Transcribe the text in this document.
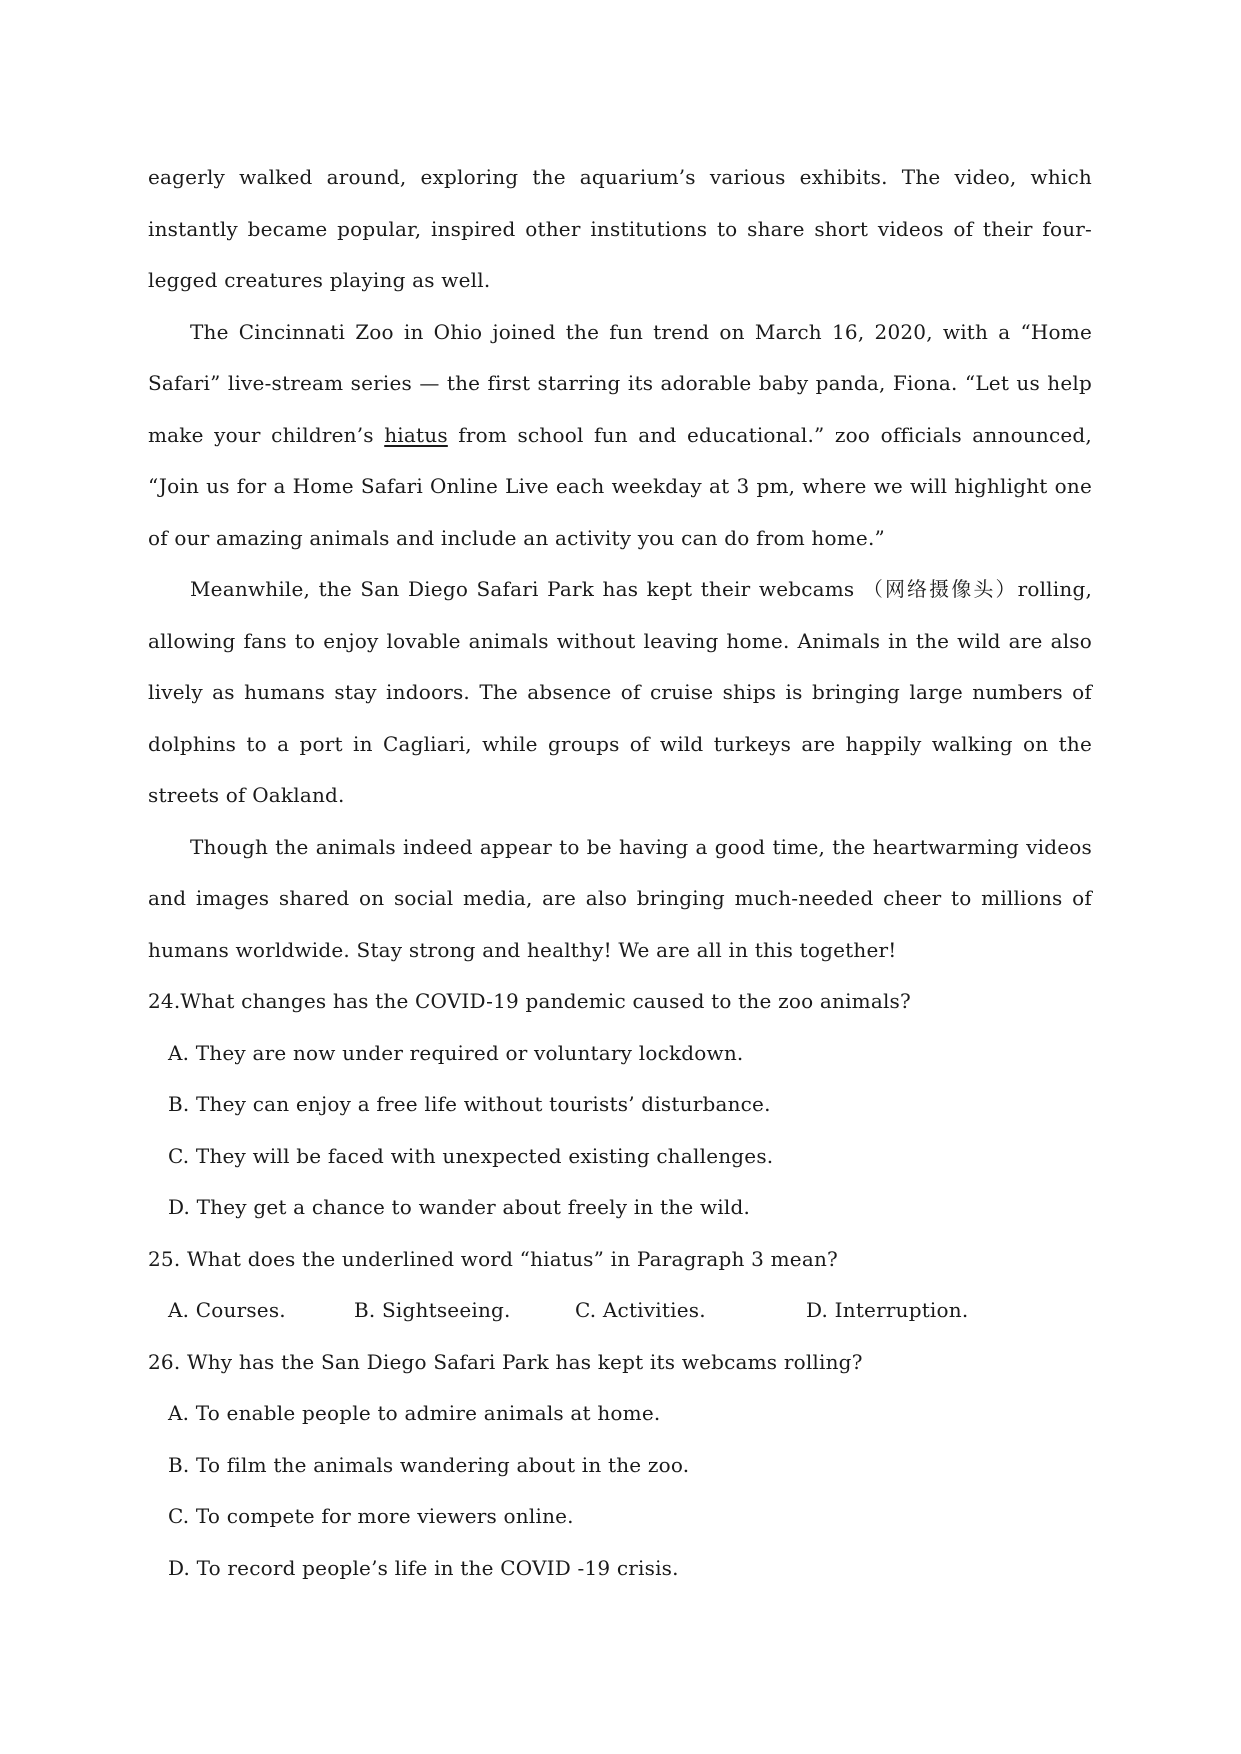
eagerly walked around, exploring the aquarium’s various exhibits. The video, which instantly became popular, inspired other institutions to share short videos of their four-legged creatures playing as well.

The Cincinnati Zoo in Ohio joined the fun trend on March 16, 2020, with a “Home Safari” live-stream series — the first starring its adorable baby panda, Fiona. “Let us help make your children’s hiatus from school fun and educational.” zoo officials announced, “Join us for a Home Safari Online Live each weekday at 3 pm, where we will highlight one of our amazing animals and include an activity you can do from home.”

Meanwhile, the San Diego Safari Park has kept their webcams （网络摄像头）rolling, allowing fans to enjoy lovable animals without leaving home. Animals in the wild are also lively as humans stay indoors. The absence of cruise ships is bringing large numbers of dolphins to a port in Cagliari, while groups of wild turkeys are happily walking on the streets of Oakland.

Though the animals indeed appear to be having a good time, the heartwarming videos and images shared on social media, are also bringing much-needed cheer to millions of humans worldwide. Stay strong and healthy! We are all in this together!

24.What changes has the COVID-19 pandemic caused to the zoo animals?

A. They are now under required or voluntary lockdown.

B. They can enjoy a free life without tourists’ disturbance.

C. They will be faced with unexpected existing challenges.

D. They get a chance to wander about freely in the wild.

25. What does the underlined word “hiatus” in Paragraph 3 mean?

A. Courses.	B. Sightseeing.	C. Activities.	D. Interruption.

26. Why has the San Diego Safari Park has kept its webcams rolling?

A. To enable people to admire animals at home.

B. To film the animals wandering about in the zoo.

C. To compete for more viewers online.

D. To record people’s life in the COVID -19 crisis.
